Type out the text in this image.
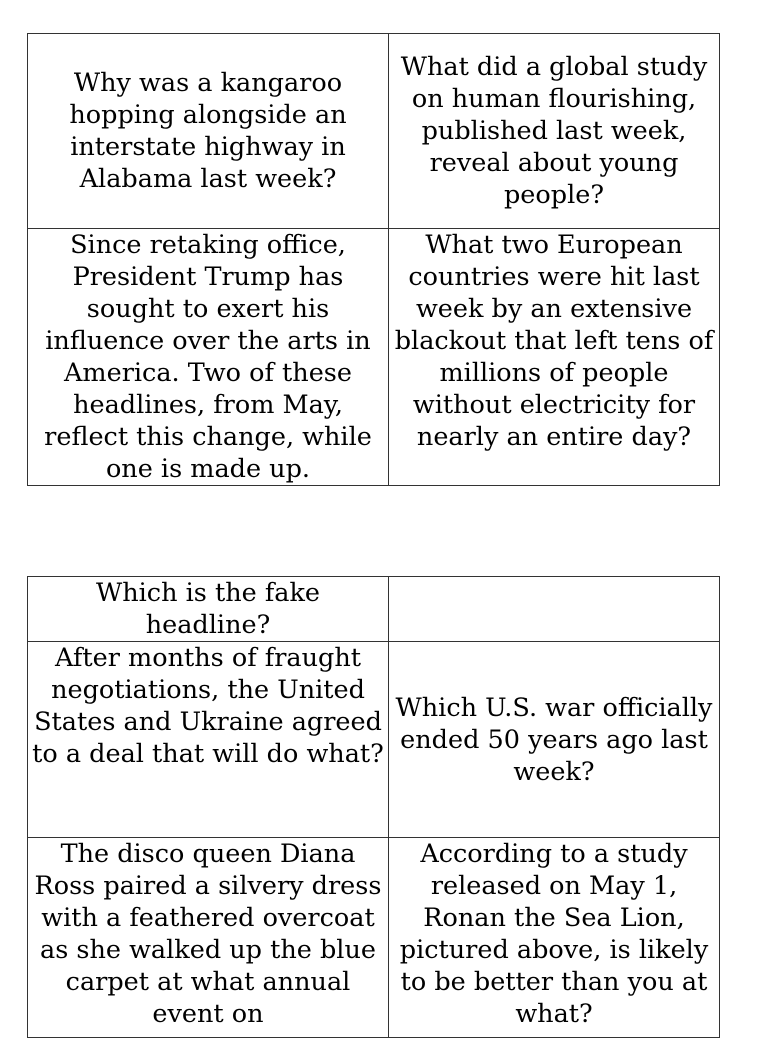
Why was a kangaroo hopping alongside an interstate highway in Alabama last week?	What did a global study on human flourishing, published last week, reveal about young people?
Since retaking office, President Trump has sought to exert his influence over the arts in America. Two of these headlines, from May, reflect this change, while one is made up.	What two European countries were hit last week by an extensive blackout that left tens of millions of people without electricity for nearly an entire day?
Which is the fake headline?	
After months of fraught negotiations, the United States and Ukraine agreed to a deal that will do what?	Which U.S. war officially ended 50 years ago last week?
The disco queen Diana Ross paired a silvery dress with a feathered overcoat as she walked up the blue carpet at what annual event on	According to a study released on May 1, Ronan the Sea Lion, pictured above, is likely to be better than you at what?
